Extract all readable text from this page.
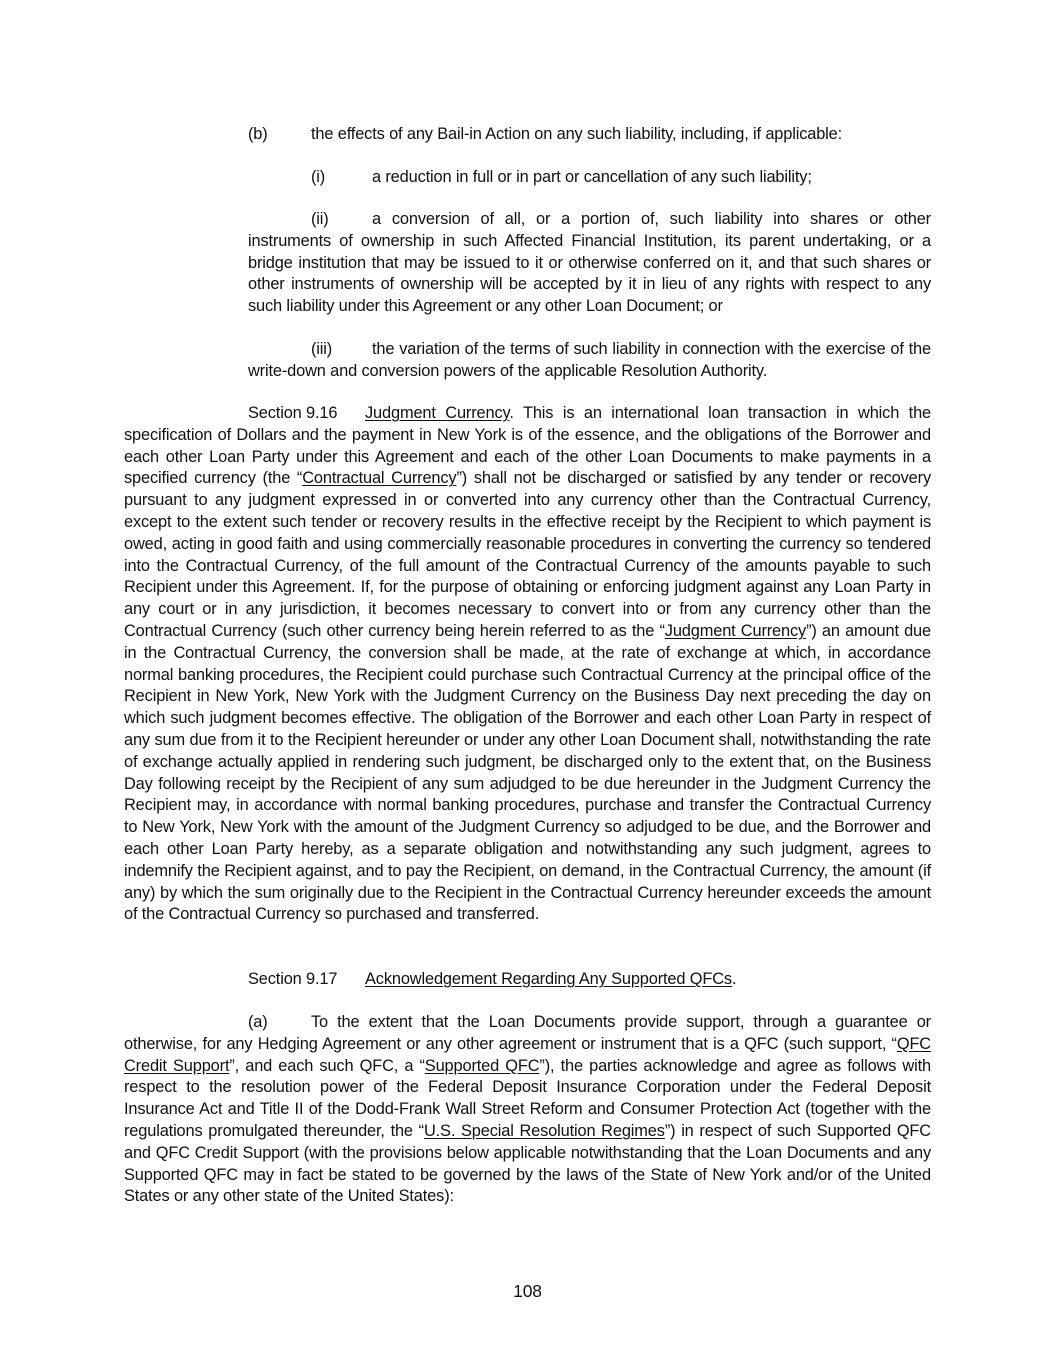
(b)	the effects of any Bail-in Action on any such liability, including, if applicable:

(i)	a reduction in full or in part or cancellation of any such liability;

(ii)	a conversion of all, or a portion of, such liability into shares or other instruments of ownership in such Affected Financial Institution, its parent undertaking, or a bridge institution that may be issued to it or otherwise conferred on it, and that such shares or other instruments of ownership will be accepted by it in lieu of any rights with respect to any such liability under this Agreement or any other Loan Document; or

(iii) the variation of the terms of such liability in connection with the exercise of the write-down and conversion powers of the applicable Resolution Authority.

Section 9.16 Judgment Currency. This is an international loan transaction in which the specification of Dollars and the payment in New York is of the essence, and the obligations of the Borrower and each other Loan Party under this Agreement and each of the other Loan Documents to make payments in a specified currency (the “Contractual Currency”) shall not be discharged or satisfied by any tender or recovery pursuant to any judgment expressed in or converted into any currency other than the Contractual Currency, except to the extent such tender or recovery results in the effective receipt by the Recipient to which payment is owed, acting in good faith and using commercially reasonable procedures in converting the currency so tendered into the Contractual Currency, of the full amount of the Contractual Currency of the amounts payable to such Recipient under this Agreement. If, for the purpose of obtaining or enforcing judgment against any Loan Party in any court or in any jurisdiction, it becomes necessary to convert into or from any currency other than the Contractual Currency (such other currency being herein referred to as the “Judgment Currency”) an amount due in the Contractual Currency, the conversion shall be made, at the rate of exchange at which, in accordance normal banking procedures, the Recipient could purchase such Contractual Currency at the principal office of the Recipient in New York, New York with the Judgment Currency on the Business Day next preceding the day on which such judgment becomes effective. The obligation of the Borrower and each other Loan Party in respect of any sum due from it to the Recipient hereunder or under any other Loan Document shall, notwithstanding the rate of exchange actually applied in rendering such judgment, be discharged only to the extent that, on the Business Day following receipt by the Recipient of any sum adjudged to be due hereunder in the Judgment Currency the Recipient may, in accordance with normal banking procedures, purchase and transfer the Contractual Currency to New York, New York with the amount of the Judgment Currency so adjudged to be due, and the Borrower and each other Loan Party hereby, as a separate obligation and notwithstanding any such judgment, agrees to indemnify the Recipient against, and to pay the Recipient, on demand, in the Contractual Currency, the amount (if any) by which the sum originally due to the Recipient in the Contractual Currency hereunder exceeds the amount of the Contractual Currency so purchased and transferred.

Section 9.17 Acknowledgement Regarding Any Supported QFCs.

(a)	To the extent that the Loan Documents provide support, through a guarantee or otherwise, for any Hedging Agreement or any other agreement or instrument that is a QFC (such support, “QFC Credit Support”, and each such QFC, a “Supported QFC”), the parties acknowledge and agree as follows with respect to the resolution power of the Federal Deposit Insurance Corporation under the Federal Deposit Insurance Act and Title II of the Dodd-Frank Wall Street Reform and Consumer Protection Act (together with the regulations promulgated thereunder, the “U.S. Special Resolution Regimes”) in respect of such Supported QFC and QFC Credit Support (with the provisions below applicable notwithstanding that the Loan Documents and any Supported QFC may in fact be stated to be governed by the laws of the State of New York and/or of the United States or any other state of the United States):

108
